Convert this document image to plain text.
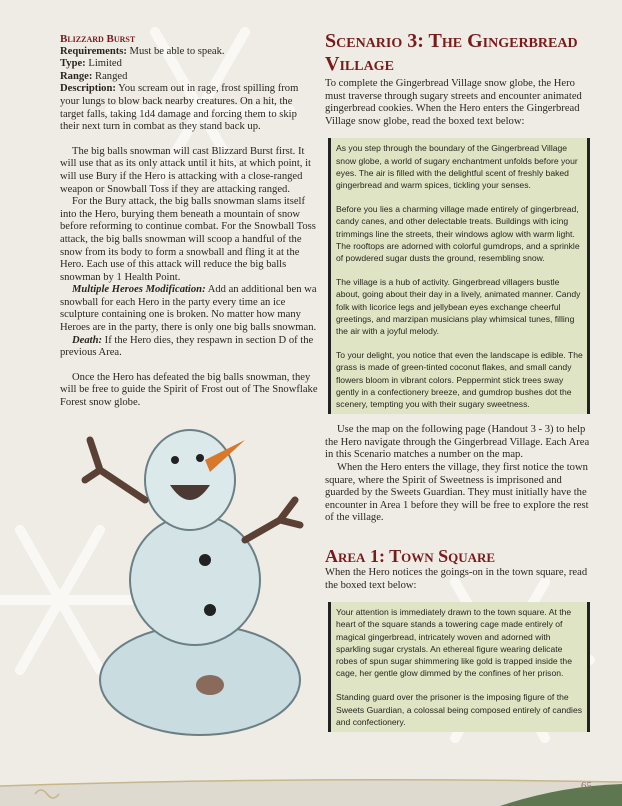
Blizzard Burst

Requirements: Must be able to speak.

Type: Limited

Range: Ranged

Description: You scream out in rage, frost spilling from your lungs to blow back nearby creatures. On a hit, the target falls, taking 1d4 damage and forcing them to skip their next turn in combat as they stand back up.

The big balls snowman will cast Blizzard Burst first. It will use that as its only attack until it hits, at which point, it will use Bury if the Hero is attacking with a close-ranged weapon or Snowball Toss if they are attacking ranged.

For the Bury attack, the big balls snowman slams itself into the Hero, burying them beneath a mountain of snow before reforming to continue combat. For the Snowball Toss attack, the big balls snowman will scoop a handful of the snow from its body to form a snowball and fling it at the Hero. Each use of this attack will reduce the big balls snowman by 1 Health Point.

Multiple Heroes Modification: Add an additional ben wa snowball for each Hero in the party every time an ice sculpture containing one is broken. No matter how many Heroes are in the party, there is only one big balls snowman.

Death: If the Hero dies, they respawn in section D of the previous Area.

Once the Hero has defeated the big balls snowman, they will be free to guide the Spirit of Frost out of The Snowflake Forest snow globe.

Scenario 3: The Gingerbread Village

To complete the Gingerbread Village snow globe, the Hero must traverse through sugary streets and encounter animated gingerbread cookies. When the Hero enters the Gingerbread Village snow globe, read the boxed text below:

As you step through the boundary of the Gingerbread Village snow globe, a world of sugary enchantment unfolds before your eyes. The air is filled with the delightful scent of freshly baked gingerbread and warm spices, tickling your senses.

Before you lies a charming village made entirely of gingerbread, candy canes, and other delectable treats. Buildings with icing trimmings line the streets, their windows aglow with warm light. The rooftops are adorned with colorful gumdrops, and a sprinkle of powdered sugar dusts the ground, resembling snow.

The village is a hub of activity. Gingerbread villagers bustle about, going about their day in a lively, animated manner. Candy folk with licorice legs and jellybean eyes exchange cheerful greetings, and marzipan musicians play whimsical tunes, filling the air with a joyful melody.

To your delight, you notice that even the landscape is edible. The grass is made of green-tinted coconut flakes, and small candy flowers bloom in vibrant colors. Peppermint stick trees sway gently in a confectionery breeze, and gumdrop bushes dot the scenery, tempting you with their sugary sweetness.

Use the map on the following page (Handout 3 - 3) to help the Hero navigate through the Gingerbread Village. Each Area in this Scenario matches a number on the map.

When the Hero enters the village, they first notice the town square, where the Spirit of Sweetness is imprisoned and guarded by the Sweets Guardian. They must initially have the encounter in Area 1 before they will be free to explore the rest of the village.

Area 1: Town Square

When the Hero notices the goings-on in the town square, read the boxed text below:

Your attention is immediately drawn to the town square. At the heart of the square stands a towering cage made entirely of magical gingerbread, intricately woven and adorned with sparkling sugar crystals. An ethereal figure wearing delicate robes of spun sugar shimmering like gold is trapped inside the cage, her gentle glow dimmed by the confines of her prison.

Standing guard over the prisoner is the imposing figure of the Sweets Guardian, a colossal being composed entirely of candies and confectionery.

65
